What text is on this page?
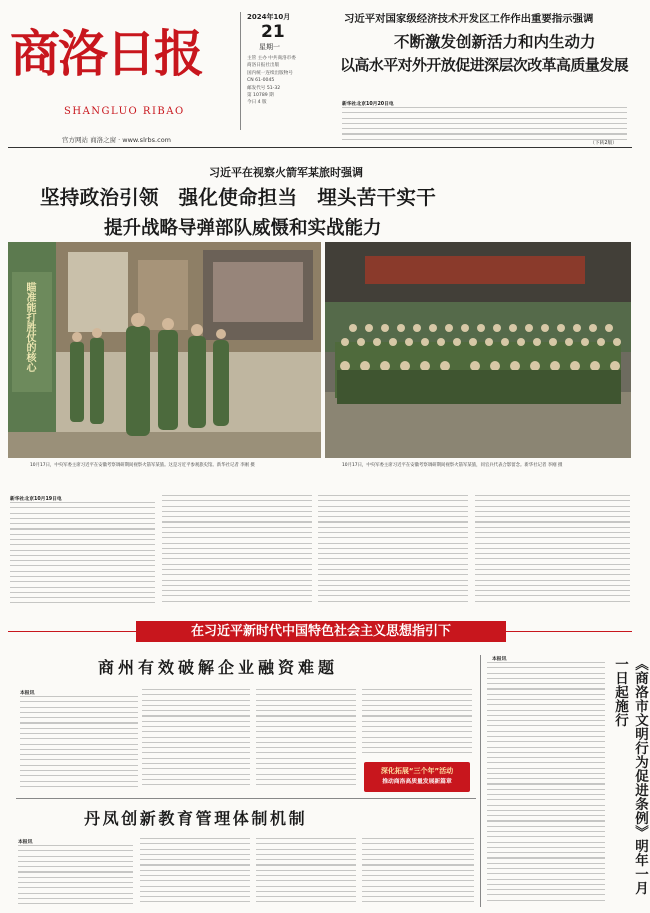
商洛日报
SHANGLUO RIBAO
官方网站 商洛之窗 · www.slrbs.com
2024年10月
21
星期一
主管 主办 中共商洛市委
商洛日报社出版
国内统一连续出版物号
CN 61-0045
邮发代号 51-32
第 10789 期
今日 4 版
习近平对国家级经济技术开发区工作作出重要指示强调
不断激发创新活力和内生动力
以高水平对外开放促进深层次改革高质量发展
新华社北京10月20日电
（下转2版）
习近平在视察火箭军某旅时强调
坚持政治引领　强化使命担当　埋头苦干实干
提升战略导弹部队威慑和实战能力
瞄准能打胜仗的核心
10月17日，中央军委主席习近平在安徽考察调研期间视察火箭军某旅。这是习近平参观旅史馆。新华社记者 李刚 摄	10月17日，中央军委主席习近平在安徽考察调研期间视察火箭军某旅，同官兵代表合影留念。新华社记者 李刚 摄
新华社北京10月19日电
在习近平新时代中国特色社会主义思想指引下
商州有效破解企业融资难题
本报讯
深化拓展“三个年”活动
推动商洛高质量发展新篇章
丹凤创新教育管理体制机制
本报讯
本报讯	《商洛市文明行为促进条例》明年一月一日起施行
